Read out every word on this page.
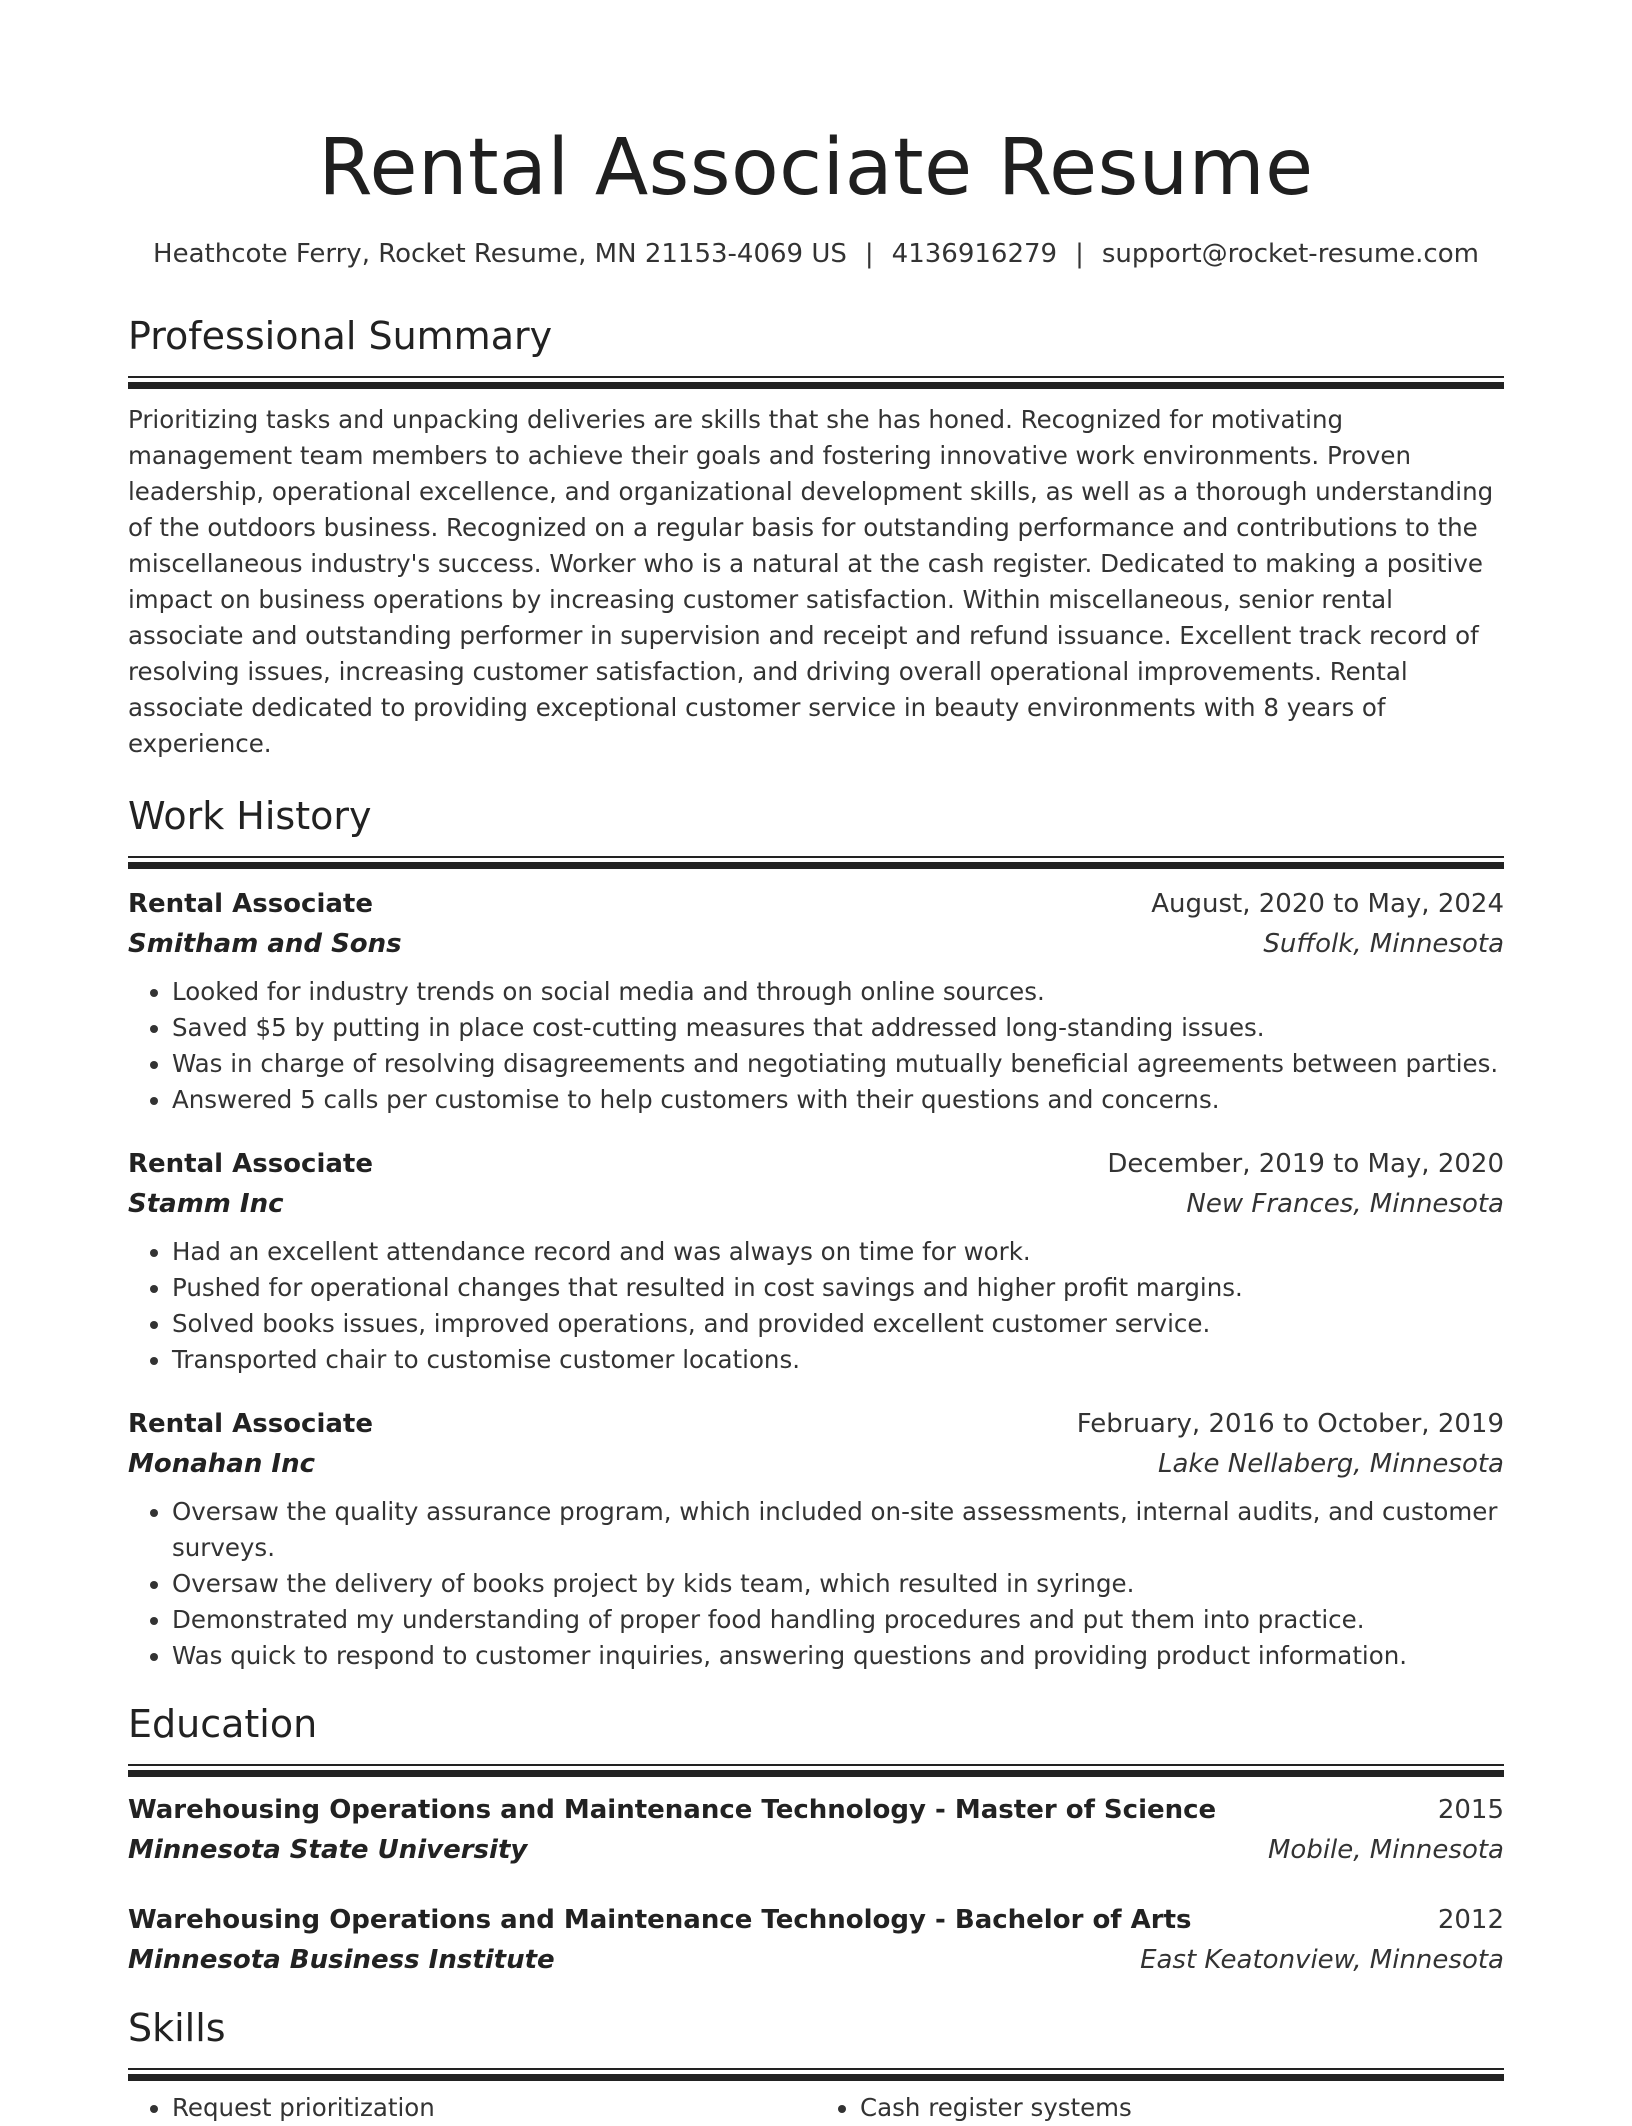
Rental Associate Resume
Heathcote Ferry, Rocket Resume, MN 21153-4069 US | 4136916279 | support@rocket-resume.com
Professional Summary
Prioritizing tasks and unpacking deliveries are skills that she has honed. Recognized for motivating management team members to achieve their goals and fostering innovative work environments. Proven leadership, operational excellence, and organizational development skills, as well as a thorough understanding of the outdoors business. Recognized on a regular basis for outstanding performance and contributions to the miscellaneous industry's success. Worker who is a natural at the cash register. Dedicated to making a positive impact on business operations by increasing customer satisfaction. Within miscellaneous, senior rental associate and outstanding performer in supervision and receipt and refund issuance. Excellent track record of resolving issues, increasing customer satisfaction, and driving overall operational improvements. Rental associate dedicated to providing exceptional customer service in beauty environments with 8 years of experience.
Work History
Rental Associate	August, 2020 to May, 2024
Smitham and Sons	Suffolk, Minnesota
• Looked for industry trends on social media and through online sources.
• Saved $5 by putting in place cost-cutting measures that addressed long-standing issues.
• Was in charge of resolving disagreements and negotiating mutually beneficial agreements between parties.
• Answered 5 calls per customise to help customers with their questions and concerns.
Rental Associate	December, 2019 to May, 2020
Stamm Inc	New Frances, Minnesota
• Had an excellent attendance record and was always on time for work.
• Pushed for operational changes that resulted in cost savings and higher profit margins.
• Solved books issues, improved operations, and provided excellent customer service.
• Transported chair to customise customer locations.
Rental Associate	February, 2016 to October, 2019
Monahan Inc	Lake Nellaberg, Minnesota
• Oversaw the quality assurance program, which included on-site assessments, internal audits, and customer surveys.
• Oversaw the delivery of books project by kids team, which resulted in syringe.
• Demonstrated my understanding of proper food handling procedures and put them into practice.
• Was quick to respond to customer inquiries, answering questions and providing product information.
Education
Warehousing Operations and Maintenance Technology - Master of Science	2015
Minnesota State University	Mobile, Minnesota
Warehousing Operations and Maintenance Technology - Bachelor of Arts	2012
Minnesota Business Institute	East Keatonview, Minnesota
Skills
• Request prioritization
•	Cash register systems
